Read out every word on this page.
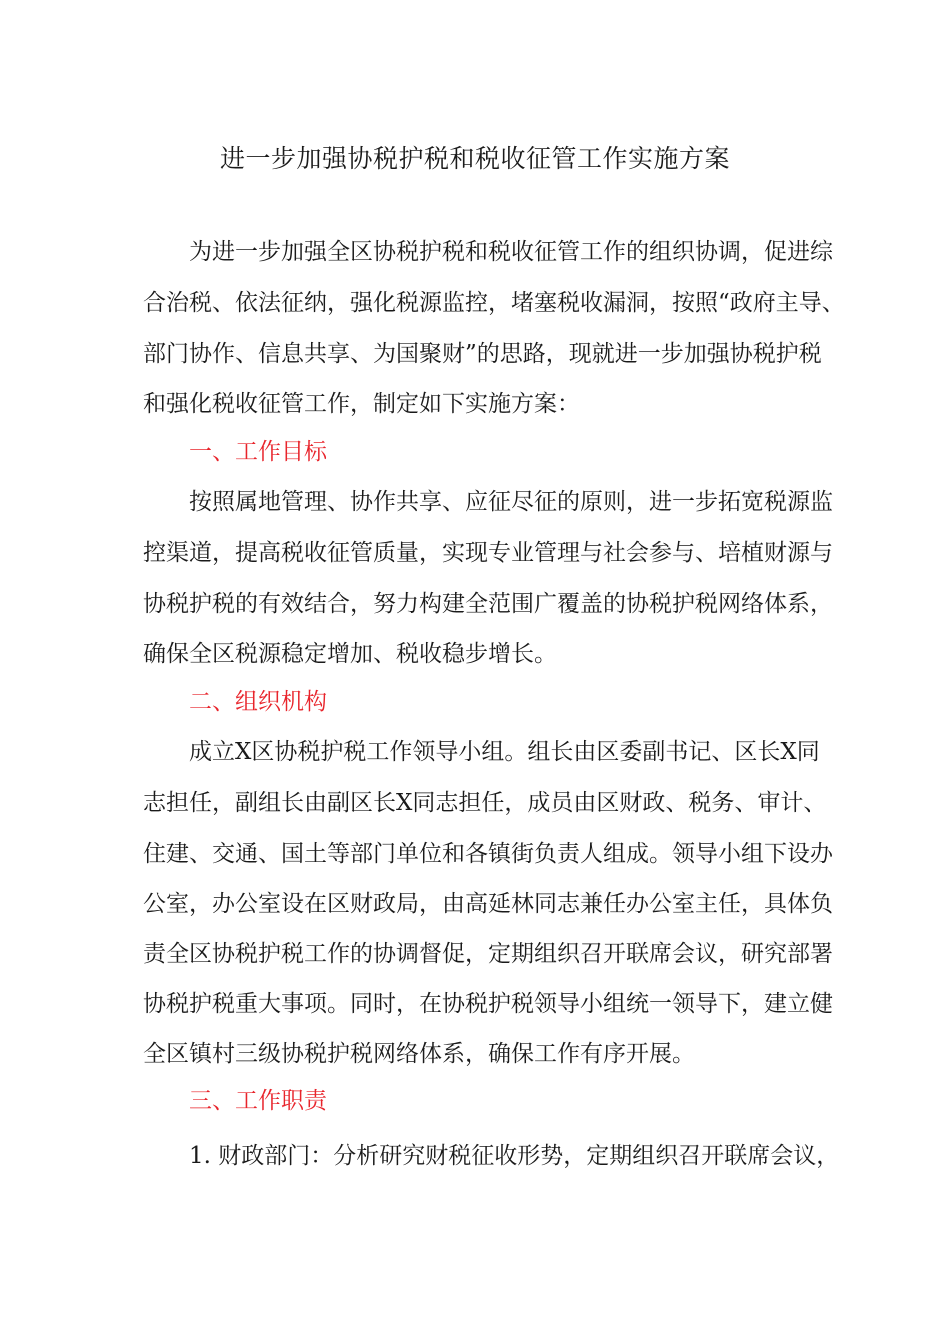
进一步加强协税护税和税收征管工作实施方案
为进一步加强全区协税护税和税收征管工作的组织协调，促进综
合治税、依法征纳，强化税源监控，堵塞税收漏洞，按照“政府主导、
部门协作、信息共享、为国聚财”的思路，现就进一步加强协税护税
和强化税收征管工作，制定如下实施方案：
一、工作目标
按照属地管理、协作共享、应征尽征的原则，进一步拓宽税源监
控渠道，提高税收征管质量，实现专业管理与社会参与、培植财源与
协税护税的有效结合，努力构建全范围广覆盖的协税护税网络体系，
确保全区税源稳定增加、税收稳步增长。
二、组织机构
成立X区协税护税工作领导小组。组长由区委副书记、区长X同
志担任，副组长由副区长X同志担任，成员由区财政、税务、审计、
住建、交通、国土等部门单位和各镇街负责人组成。领导小组下设办
公室，办公室设在区财政局，由高延林同志兼任办公室主任，具体负
责全区协税护税工作的协调督促，定期组织召开联席会议，研究部署
协税护税重大事项。同时，在协税护税领导小组统一领导下，建立健
全区镇村三级协税护税网络体系，确保工作有序开展。
三、工作职责
1. 财政部门：分析研究财税征收形势，定期组织召开联席会议，
